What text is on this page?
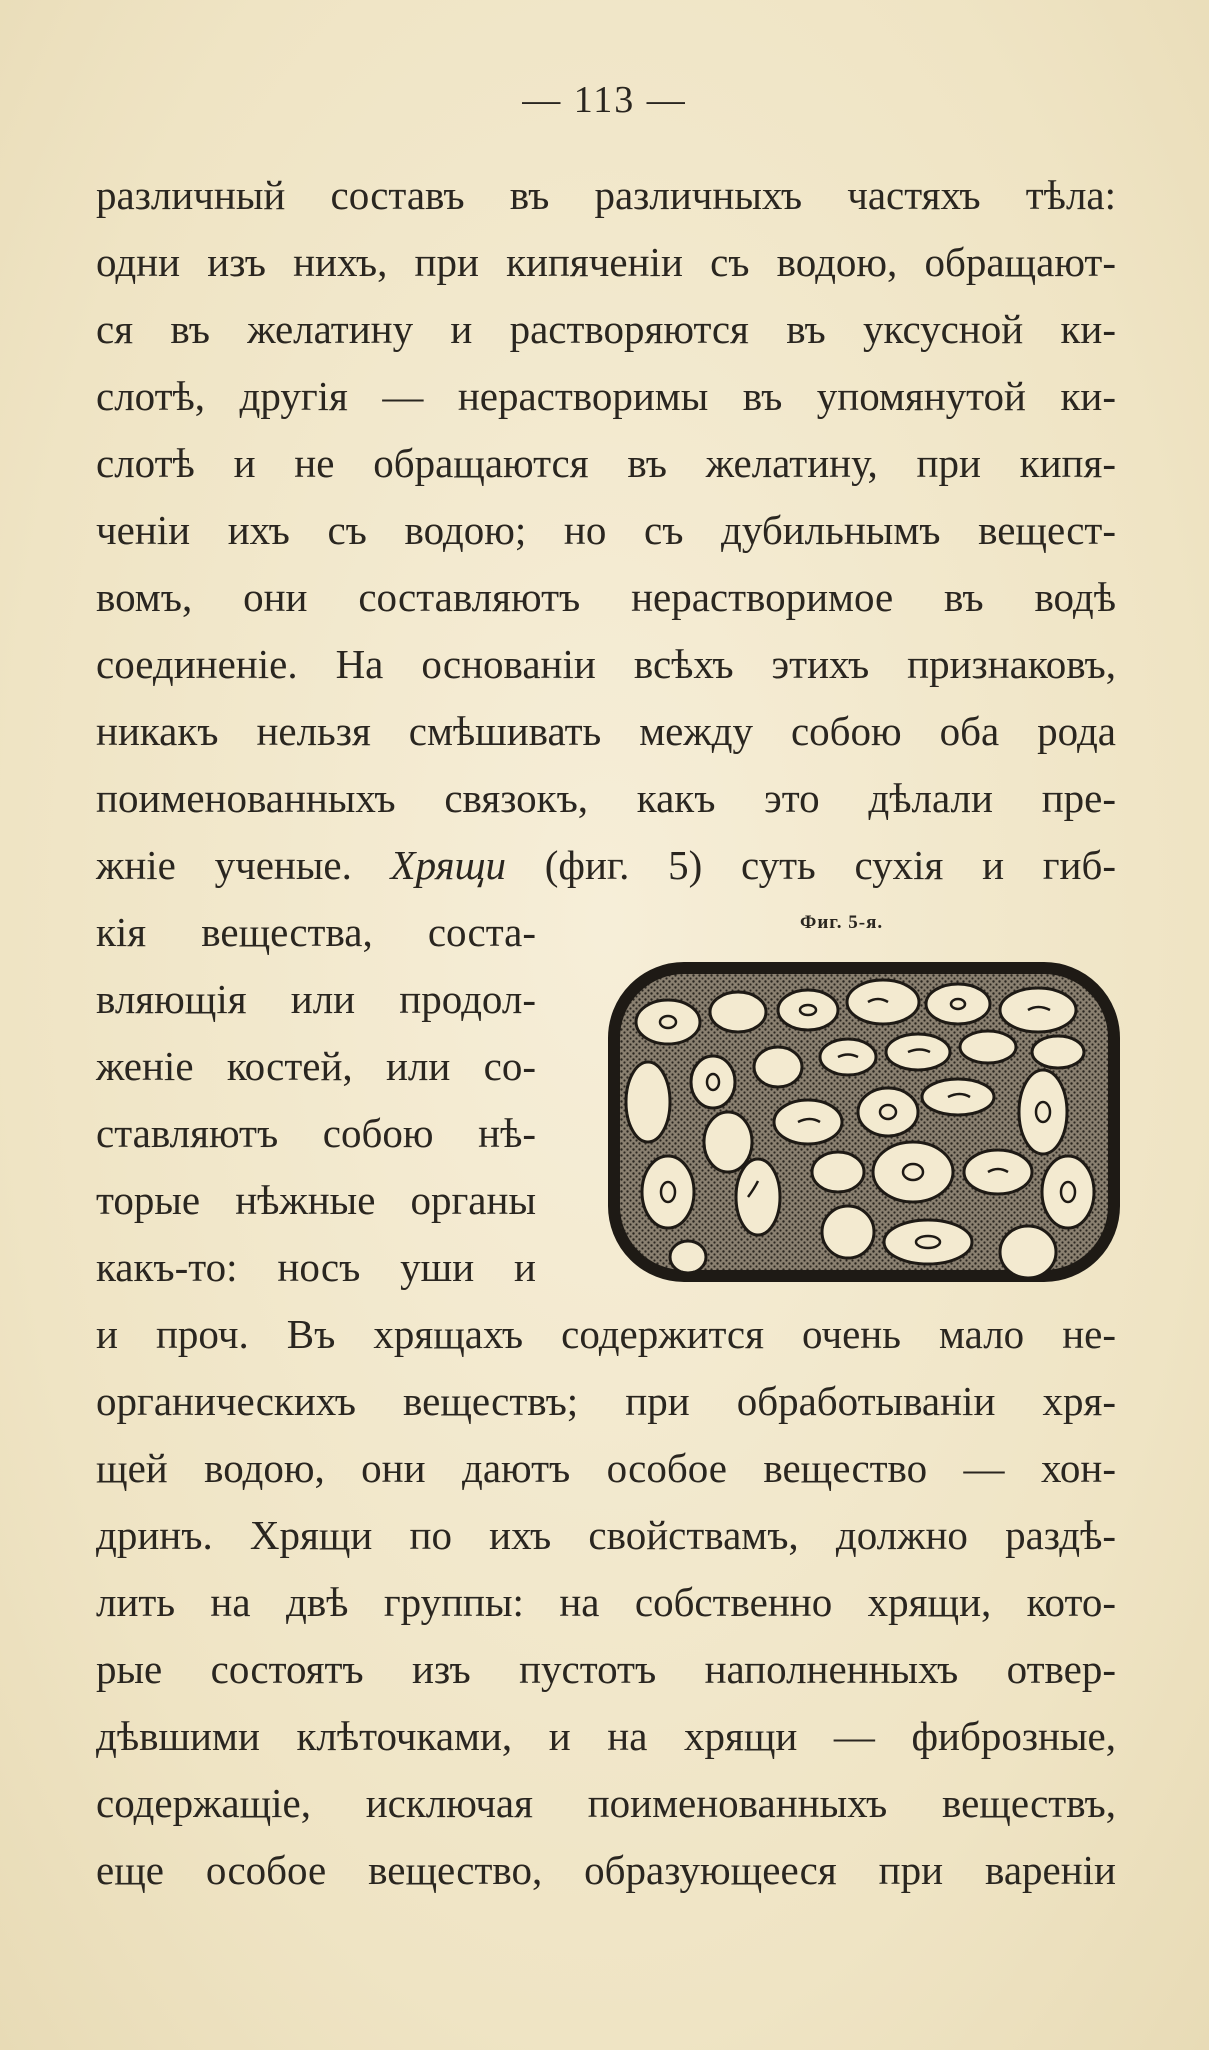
— 113 —
различный составъ въ различныхъ частяхъ тѣла:
одни изъ нихъ, при кипяченіи съ водою, обращают-
ся въ желатину и растворяются въ уксусной ки-
слотѣ, другія — нерастворимы въ упомянутой ки-
слотѣ и не обращаются въ желатину, при кипя-
ченіи ихъ съ водою; но съ дубильнымъ вещест-
вомъ, они составляютъ нерастворимое въ водѣ
соединеніе. На основаніи всѣхъ этихъ признаковъ,
никакъ нельзя смѣшивать между собою оба рода
поименованныхъ связокъ, какъ это дѣлали пре-
жніе ученые. Хрящи (фиг. 5) суть сухія и гиб-
кія вещества, соста-
вляющія или продол-
женіе костей, или со-
ставляютъ собою нѣ-
торые нѣжные органы
какъ-то: носъ уши и
Фиг. 5-я.
и проч. Въ хрящахъ содержится очень мало не-
органическихъ веществъ; при обработываніи хря-
щей водою, они даютъ особое вещество — хон-
дринъ. Хрящи по ихъ свойствамъ, должно раздѣ-
лить на двѣ группы: на собственно хрящи, кото-
рые состоятъ изъ пустотъ наполненныхъ отвер-
дѣвшими клѣточками, и на хрящи — фиброзные,
содержащіе, исключая поименованныхъ веществъ,
еще особое вещество, образующееся при вареніи
